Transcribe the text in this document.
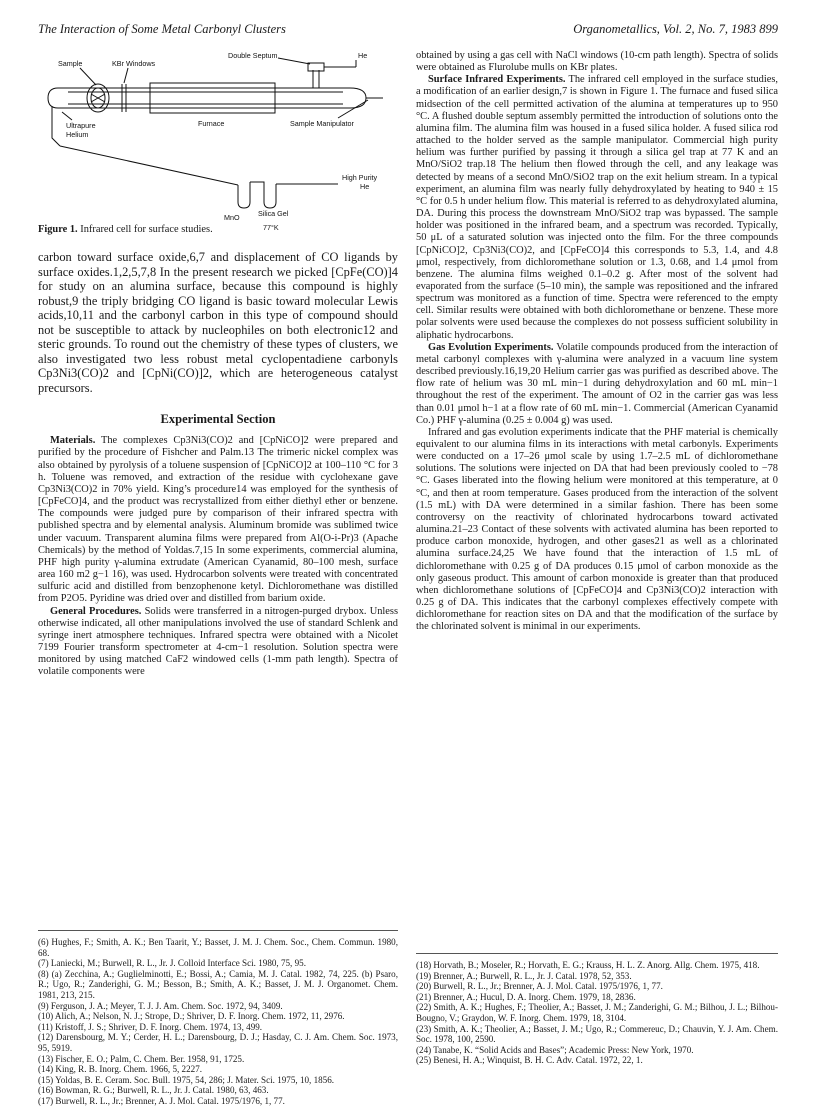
The Interaction of Some Metal Carbonyl Clusters	Organometallics, Vol. 2, No. 7, 1983 899
Sample	KBr Windows
Double Septum	He
Ultrapure
Helium
Furnace	Sample Manipulator
High Purity
He
MnO	Silica Gel
77°K
Figure 1. Infrared cell for surface studies.

carbon toward surface oxide,6,7 and displacement of CO ligands by surface oxides.1,2,5,7,8 In the present research we picked [CpFe(CO)]4 for study on an alumina surface, because this compound is highly robust,9 the triply bridging CO ligand is basic toward molecular Lewis acids,10,11 and the carbonyl carbon in this type of compound should not be susceptible to attack by nucleophiles on both electronic12 and steric grounds. To round out the chemistry of these types of clusters, we also investigated two less robust metal cyclopentadiene carbonyls Cp3Ni3(CO)2 and [CpNi(CO)]2, which are heterogeneous catalyst precursors.

Experimental Section

Materials. The complexes Cp3Ni3(CO)2 and [CpNiCO]2 were prepared and purified by the procedure of Fishcher and Palm.13 The trimeric nickel complex was also obtained by pyrolysis of a toluene suspension of [CpNiCO]2 at 100–110 °C for 3 h. Toluene was removed, and extraction of the residue with cyclohexane gave Cp3Ni3(CO)2 in 70% yield. King’s procedure14 was employed for the synthesis of [CpFeCO]4, and the product was recrystallized from either diethyl ether or benzene. The compounds were judged pure by comparison of their infrared spectra with published spectra and by elemental analysis. Aluminum bromide was sublimed twice under vacuum. Transparent alumina films were prepared from Al(O-i-Pr)3 (Apache Chemicals) by the method of Yoldas.7,15 In some experiments, commercial alumina, PHF high purity γ-alumina extrudate (American Cyanamid, 80–100 mesh, surface area 160 m2 g−1 16), was used. Hydrocarbon solvents were treated with concentrated sulfuric acid and distilled from benzophenone ketyl. Dichloromethane was distilled from P2O5. Pyridine was dried over and distilled from barium oxide.

General Procedures. Solids were transferred in a nitrogen-purged drybox. Unless otherwise indicated, all other manipulations involved the use of standard Schlenk and syringe inert atmosphere techniques. Infrared spectra were obtained with a Nicolet 7199 Fourier transform spectrometer at 4-cm−1 resolution. Solution spectra were monitored by using matched CaF2 windowed cells (1-mm path length). Spectra of volatile components were

(6) Hughes, F.; Smith, A. K.; Ben Taarit, Y.; Basset, J. M. J. Chem. Soc., Chem. Commun. 1980, 68.

(7) Laniecki, M.; Burwell, R. L., Jr. J. Colloid Interface Sci. 1980, 75, 95.

(8) (a) Zecchina, A.; Guglielminotti, E.; Bossi, A.; Camia, M. J. Catal. 1982, 74, 225. (b) Psaro, R.; Ugo, R.; Zanderighi, G. M.; Besson, B.; Smith, A. K.; Basset, J. M. J. Organomet. Chem. 1981, 213, 215.

(9) Ferguson, J. A.; Meyer, T. J. J. Am. Chem. Soc. 1972, 94, 3409.

(10) Alich, A.; Nelson, N. J.; Strope, D.; Shriver, D. F. Inorg. Chem. 1972, 11, 2976.

(11) Kristoff, J. S.; Shriver, D. F. Inorg. Chem. 1974, 13, 499.

(12) Darensbourg, M. Y.; Cerder, H. L.; Darensbourg, D. J.; Hasday, C. J. Am. Chem. Soc. 1973, 95, 5919.

(13) Fischer, E. O.; Palm, C. Chem. Ber. 1958, 91, 1725.

(14) King, R. B. Inorg. Chem. 1966, 5, 2227.

(15) Yoldas, B. E. Ceram. Soc. Bull. 1975, 54, 286; J. Mater. Sci. 1975, 10, 1856.

(16) Bowman, R. G.; Burwell, R. L., Jr. J. Catal. 1980, 63, 463.

(17) Burwell, R. L., Jr.; Brenner, A. J. Mol. Catal. 1975/1976, 1, 77.

obtained by using a gas cell with NaCl windows (10-cm path length). Spectra of solids were obtained as Flurolube mulls on KBr plates.

Surface Infrared Experiments. The infrared cell employed in the surface studies, a modification of an earlier design,7 is shown in Figure 1. The furnace and fused silica midsection of the cell permitted activation of the alumina at temperatures up to 950 °C. A flushed double septum assembly permitted the introduction of solutions onto the alumina film. The alumina film was housed in a fused silica holder. A fused silica rod attached to the holder served as the sample manipulator. Commercial high purity helium was further purified by passing it through a silica gel trap at 77 K and an MnO/SiO2 trap.18 The helium then flowed through the cell, and any leakage was detected by means of a second MnO/SiO2 trap on the exit helium stream. In a typical experiment, an alumina film was nearly fully dehydroxylated by heating to 940 ± 15 °C for 0.5 h under helium flow. This material is referred to as dehydroxylated alumina, DA. During this process the downstream MnO/SiO2 trap was bypassed. The sample holder was positioned in the infrared beam, and a spectrum was recorded. Typically, 50 μL of a saturated solution was injected onto the film. For the three compounds [CpNiCO]2, Cp3Ni3(CO)2, and [CpFeCO]4 this corresponds to 5.3, 1.4, and 4.8 μmol, respectively, from dichloromethane solution or 1.3, 0.68, and 1.4 μmol from benzene. The alumina films weighed 0.1–0.2 g. After most of the solvent had evaporated from the surface (5–10 min), the sample was repositioned and the infrared spectrum was monitored as a function of time. Spectra were referenced to the empty cell. Similar results were obtained with both dichloromethane or benzene. These more polar solvents were used because the complexes do not possess sufficient solubility in aliphatic hydrocarbons.

Gas Evolution Experiments. Volatile compounds produced from the interaction of metal carbonyl complexes with γ-alumina were analyzed in a vacuum line system described previously.16,19,20 Helium carrier gas was purified as described above. The flow rate of helium was 30 mL min−1 during dehydroxylation and 60 mL min−1 throughout the rest of the experiment. The amount of O2 in the carrier gas was less than 0.01 μmol h−1 at a flow rate of 60 mL min−1. Commercial (American Cyanamid Co.) PHF γ-alumina (0.25 ± 0.004 g) was used.

Infrared and gas evolution experiments indicate that the PHF material is chemically equivalent to our alumina films in its interactions with metal carbonyls. Experiments were conducted on a 17–26 μmol scale by using 1.7–2.5 mL of dichloromethane solutions. The solutions were injected on DA that had been previously cooled to −78 °C. Gases liberated into the flowing helium were monitored at this temperature, at 0 °C, and then at room temperature. Gases produced from the interaction of the solvent (1.5 mL) with DA were determined in a similar fashion. There has been some controversy on the reactivity of chlorinated hydrocarbons toward activated alumina.21–23 Contact of these solvents with activated alumina has been reported to produce carbon monoxide, hydrogen, and other gases21 as well as a chlorinated alumina surface.24,25 We have found that the interaction of 1.5 mL of dichloromethane with 0.25 g of DA produces 0.15 μmol of carbon monoxide as the only gaseous product. This amount of carbon monoxide is greater than that produced when dichloromethane solutions of [CpFeCO]4 and Cp3Ni3(CO)2 interaction with 0.25 g of DA. This indicates that the carbonyl complexes effectively compete with dichloromethane for reaction sites on DA and that the modification of the surface by the chlorinated solvent is minimal in our experiments.

(18) Horvath, B.; Moseler, R.; Horvath, E. G.; Krauss, H. L. Z. Anorg. Allg. Chem. 1975, 418.

(19) Brenner, A.; Burwell, R. L., Jr. J. Catal. 1978, 52, 353.

(20) Burwell, R. L., Jr.; Brenner, A. J. Mol. Catal. 1975/1976, 1, 77.

(21) Brenner, A.; Hucul, D. A. Inorg. Chem. 1979, 18, 2836.

(22) Smith, A. K.; Hughes, F.; Theolier, A.; Basset, J. M.; Zanderighi, G. M.; Bilhou, J. L.; Bilhou-Bougno, V.; Graydon, W. F. Inorg. Chem. 1979, 18, 3104.

(23) Smith, A. K.; Theolier, A.; Basset, J. M.; Ugo, R.; Commereuc, D.; Chauvin, Y. J. Am. Chem. Soc. 1978, 100, 2590.

(24) Tanabe, K. “Solid Acids and Bases”; Academic Press: New York, 1970.

(25) Benesi, H. A.; Winquist, B. H. C. Adv. Catal. 1972, 22, 1.
